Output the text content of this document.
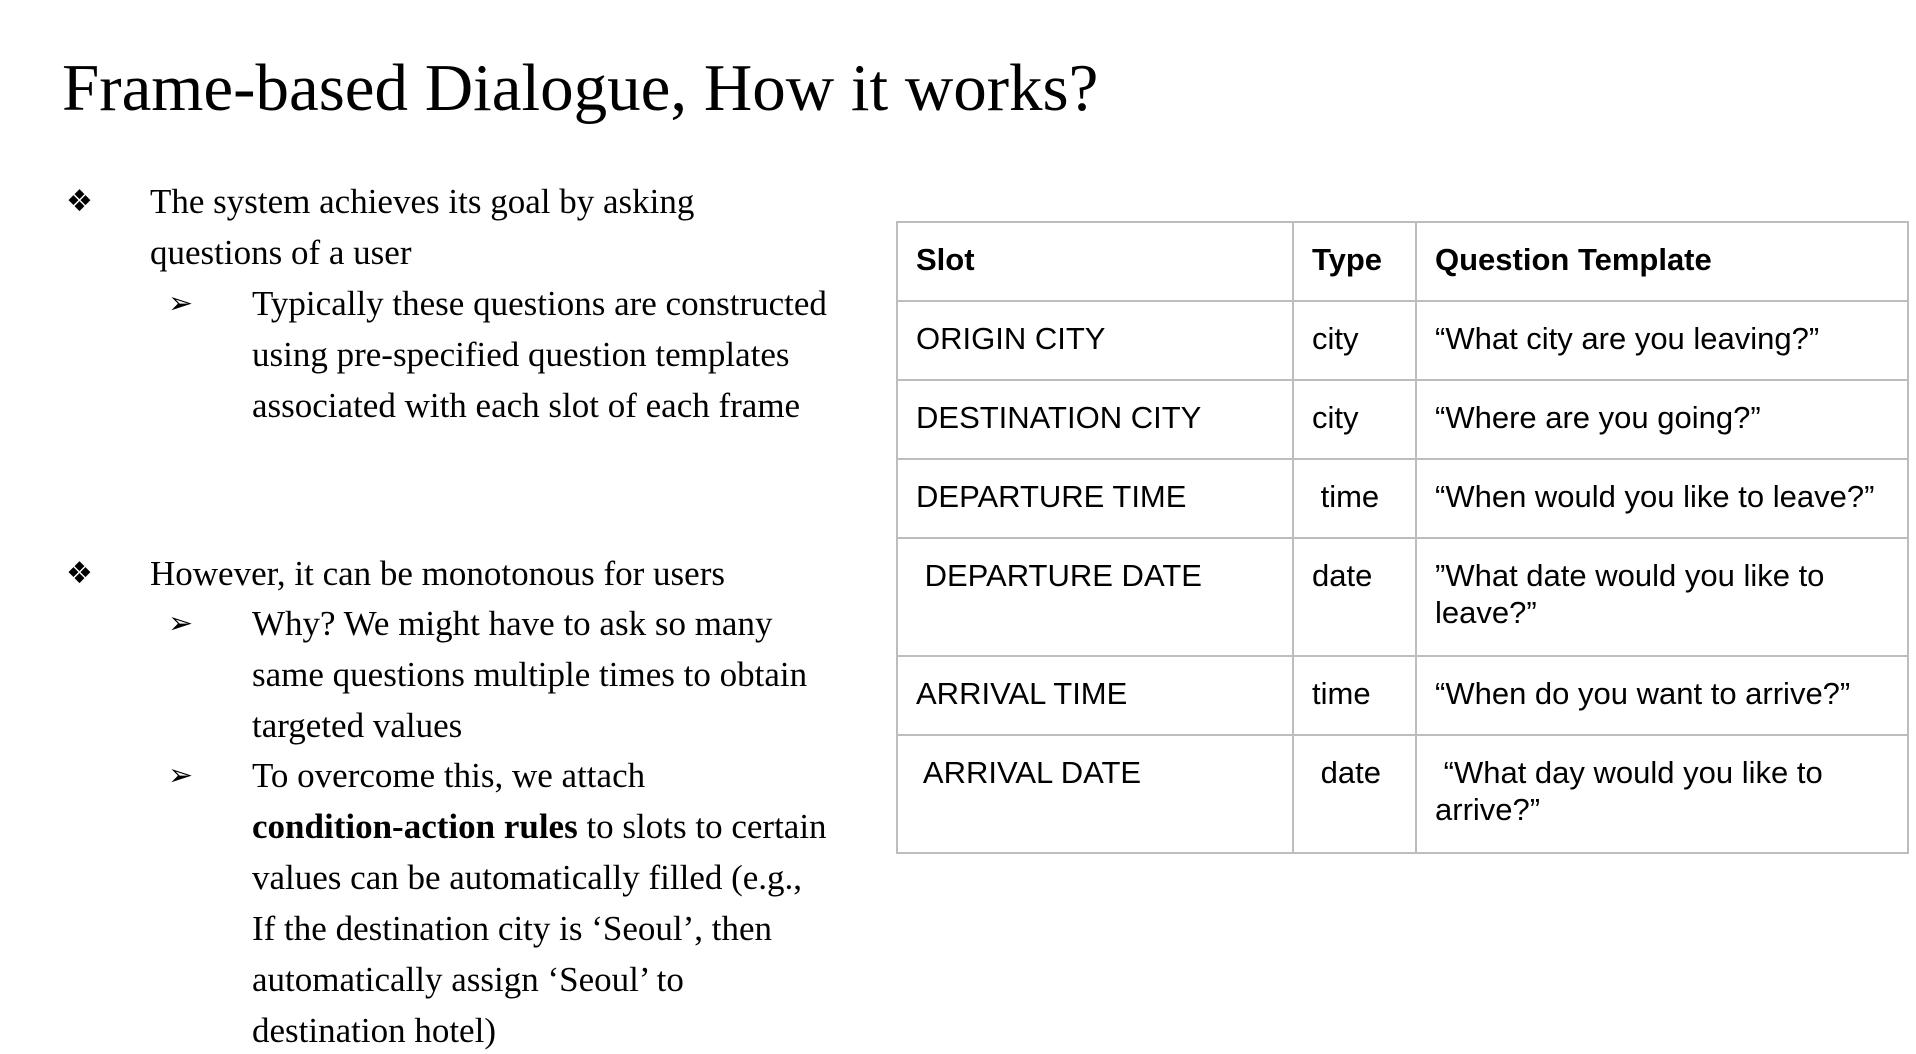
Frame-based Dialogue, How it works?
❖	The system achieves its goal by asking
questions of a user
➢ Typically these questions are constructed
using pre-specified question templates
associated with each slot of each frame
❖	However, it can be monotonous for users
➢ Why? We might have to ask so many
same questions multiple times to obtain
targeted values
➢ To overcome this, we attach
condition-action rules to slots to certain
values can be automatically filled (e.g.,
If the destination city is ‘Seoul’, then
automatically assign ‘Seoul’ to
destination hotel)
Slot	Type	Question Template
ORIGIN CITY	city	“What city are you leaving?”
DESTINATION CITY	city	“Where are you going?”
DEPARTURE TIME	time	“When would you like to leave?”
DEPARTURE DATE	date	”What date would you like to leave?”
ARRIVAL TIME	time	“When do you want to arrive?”
ARRIVAL DATE	date	“What day would you like to arrive?”
